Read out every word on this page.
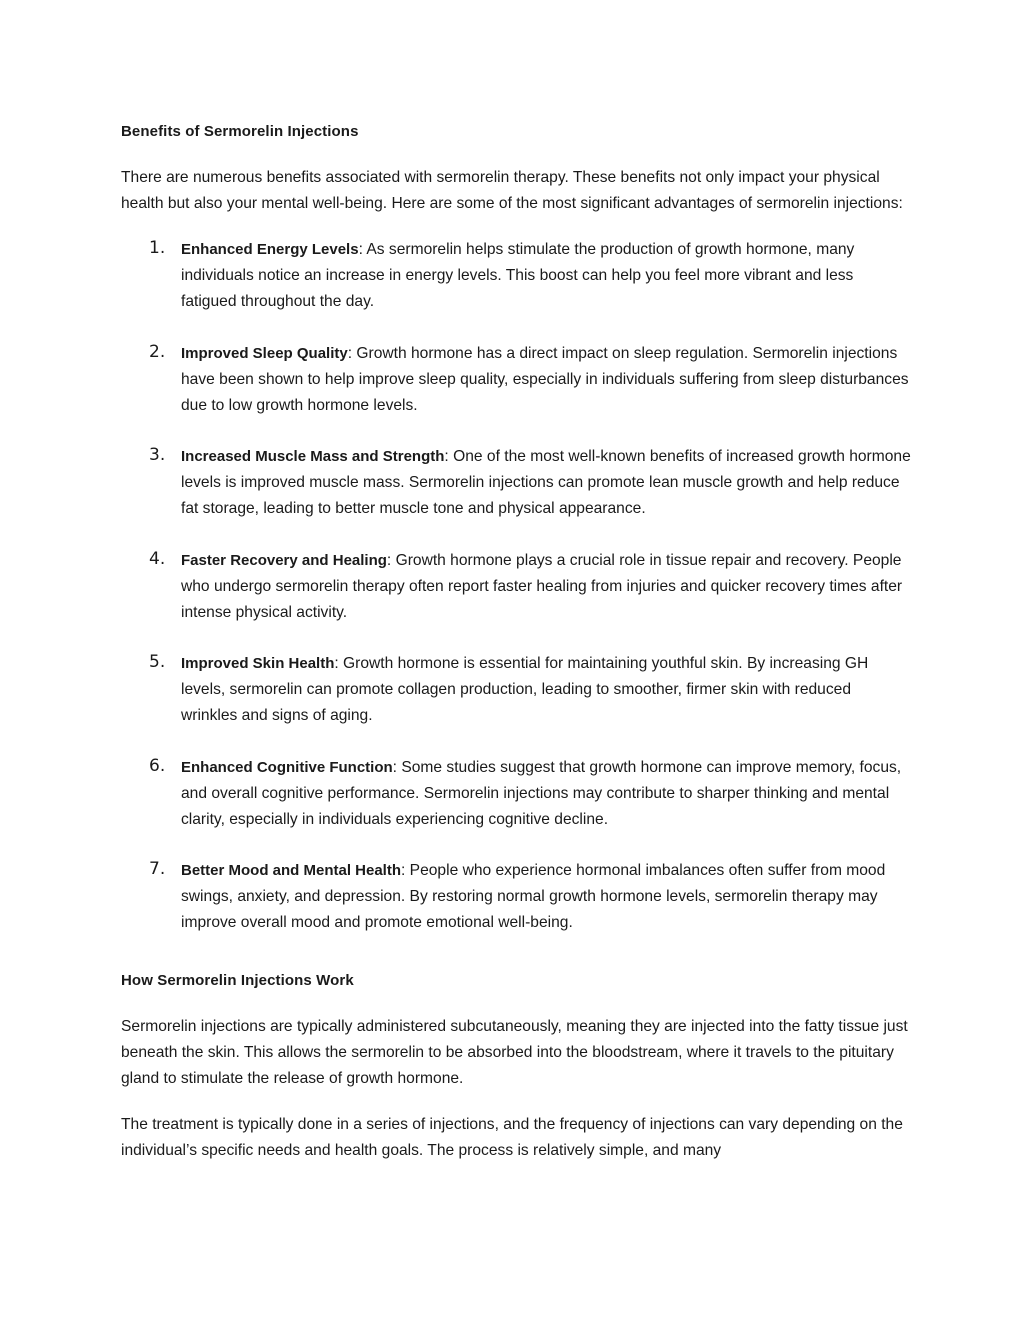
Benefits of Sermorelin Injections

There are numerous benefits associated with sermorelin therapy. These benefits not only impact your physical health but also your mental well-being. Here are some of the most significant advantages of sermorelin injections:

1. Enhanced Energy Levels: As sermorelin helps stimulate the production of growth hormone, many individuals notice an increase in energy levels. This boost can help you feel more vibrant and less fatigued throughout the day.
2. Improved Sleep Quality: Growth hormone has a direct impact on sleep regulation. Sermorelin injections have been shown to help improve sleep quality, especially in individuals suffering from sleep disturbances due to low growth hormone levels.
3. Increased Muscle Mass and Strength: One of the most well-known benefits of increased growth hormone levels is improved muscle mass. Sermorelin injections can promote lean muscle growth and help reduce fat storage, leading to better muscle tone and physical appearance.
4. Faster Recovery and Healing: Growth hormone plays a crucial role in tissue repair and recovery. People who undergo sermorelin therapy often report faster healing from injuries and quicker recovery times after intense physical activity.
5. Improved Skin Health: Growth hormone is essential for maintaining youthful skin. By increasing GH levels, sermorelin can promote collagen production, leading to smoother, firmer skin with reduced wrinkles and signs of aging.
6. Enhanced Cognitive Function: Some studies suggest that growth hormone can improve memory, focus, and overall cognitive performance. Sermorelin injections may contribute to sharper thinking and mental clarity, especially in individuals experiencing cognitive decline.
7. Better Mood and Mental Health: People who experience hormonal imbalances often suffer from mood swings, anxiety, and depression. By restoring normal growth hormone levels, sermorelin therapy may improve overall mood and promote emotional well-being.
How Sermorelin Injections Work

Sermorelin injections are typically administered subcutaneously, meaning they are injected into the fatty tissue just beneath the skin. This allows the sermorelin to be absorbed into the bloodstream, where it travels to the pituitary gland to stimulate the release of growth hormone.

The treatment is typically done in a series of injections, and the frequency of injections can vary depending on the individual’s specific needs and health goals. The process is relatively simple, and many
